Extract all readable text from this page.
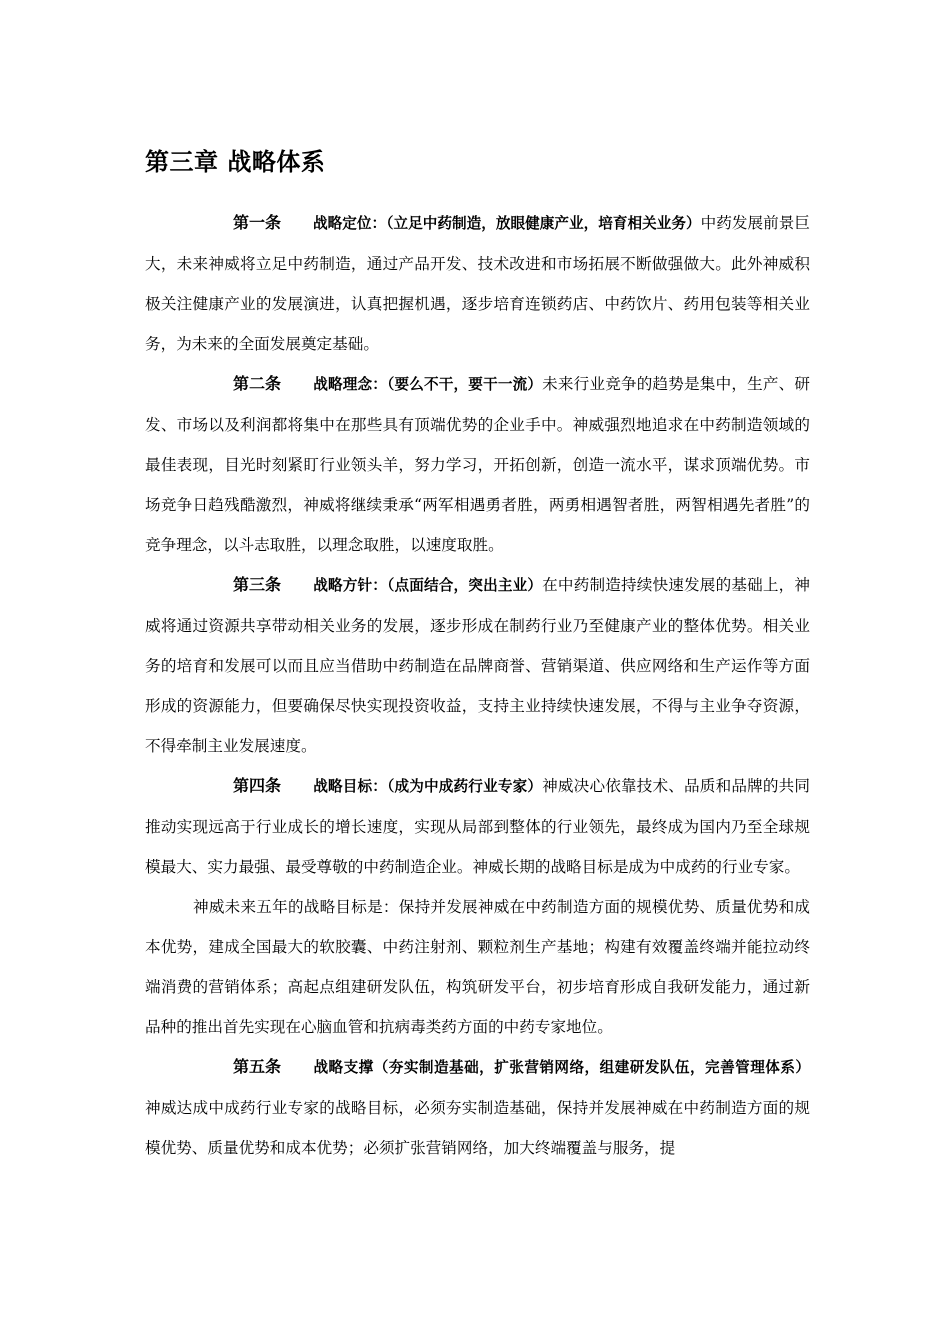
第三章 战略体系

第一条 战略定位：（立足中药制造，放眼健康产业，培育相关业务）中药发展前景巨大，未来神威将立足中药制造，通过产品开发、技术改进和市场拓展不断做强做大。此外神威积极关注健康产业的发展演进，认真把握机遇，逐步培育连锁药店、中药饮片、药用包装等相关业务，为未来的全面发展奠定基础。

第二条 战略理念：（要么不干，要干一流）未来行业竞争的趋势是集中，生产、研发、市场以及利润都将集中在那些具有顶端优势的企业手中。神威强烈地追求在中药制造领域的最佳表现，目光时刻紧盯行业领头羊，努力学习，开拓创新，创造一流水平，谋求顶端优势。市场竞争日趋残酷激烈，神威将继续秉承“两军相遇勇者胜，两勇相遇智者胜，两智相遇先者胜”的竞争理念，以斗志取胜，以理念取胜，以速度取胜。

第三条 战略方针：（点面结合，突出主业）在中药制造持续快速发展的基础上，神威将通过资源共享带动相关业务的发展，逐步形成在制药行业乃至健康产业的整体优势。相关业务的培育和发展可以而且应当借助中药制造在品牌商誉、营销渠道、供应网络和生产运作等方面形成的资源能力，但要确保尽快实现投资收益，支持主业持续快速发展，不得与主业争夺资源，不得牵制主业发展速度。

第四条 战略目标：（成为中成药行业专家）神威决心依靠技术、品质和品牌的共同推动实现远高于行业成长的增长速度，实现从局部到整体的行业领先，最终成为国内乃至全球规模最大、实力最强、最受尊敬的中药制造企业。神威长期的战略目标是成为中成药的行业专家。

神威未来五年的战略目标是：保持并发展神威在中药制造方面的规模优势、质量优势和成本优势，建成全国最大的软胶囊、中药注射剂、颗粒剂生产基地；构建有效覆盖终端并能拉动终端消费的营销体系；高起点组建研发队伍，构筑研发平台，初步培育形成自我研发能力，通过新品种的推出首先实现在心脑血管和抗病毒类药方面的中药专家地位。

第五条 战略支撑（夯实制造基础，扩张营销网络，组建研发队伍，完善管理体系）神威达成中成药行业专家的战略目标，必须夯实制造基础，保持并发展神威在中药制造方面的规模优势、质量优势和成本优势；必须扩张营销网络，加大终端覆盖与服务，提
